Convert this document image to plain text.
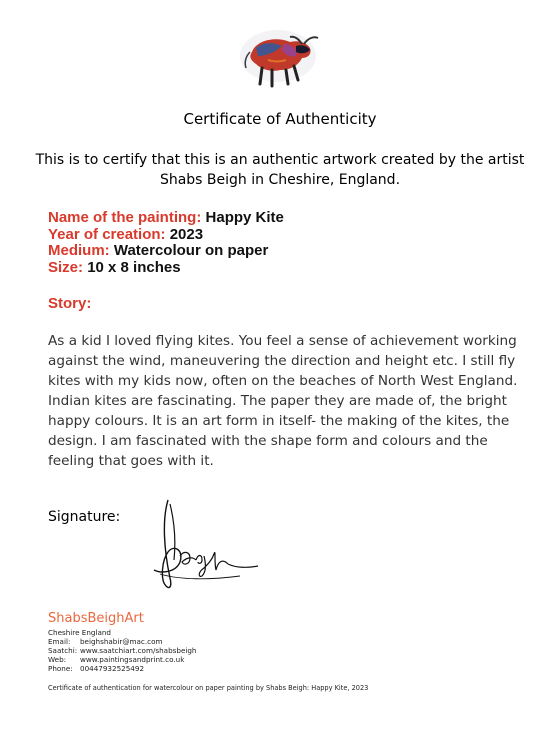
Certificate of Authenticity
This is to certify that this is an authentic artwork created by the artist
Shabs Beigh in Cheshire, England.
Name of the painting: Happy Kite
Year of creation: 2023
Medium: Watercolour on paper
Size: 10 x 8 inches
Story:
As a kid I loved flying kites. You feel a sense of achievement working against the wind, maneuvering the direction and height etc. I still fly kites with my kids now, often on the beaches of North West England. Indian kites are fascinating. The paper they are made of, the bright happy colours. It is an art form in itself- the making of the kites, the design. I am fascinated with the shape form and colours and the feeling that goes with it.
Signature:
ShabsBeighArt
Cheshire England
Email:	beighshabir@mac.com
Saatchi: www.saatchiart.com/shabsbeigh
Web:	www.paintingsandprint.co.uk
Phone:	00447932525492
Certificate of authentication for watercolour on paper painting by Shabs Beigh: Happy Kite, 2023
